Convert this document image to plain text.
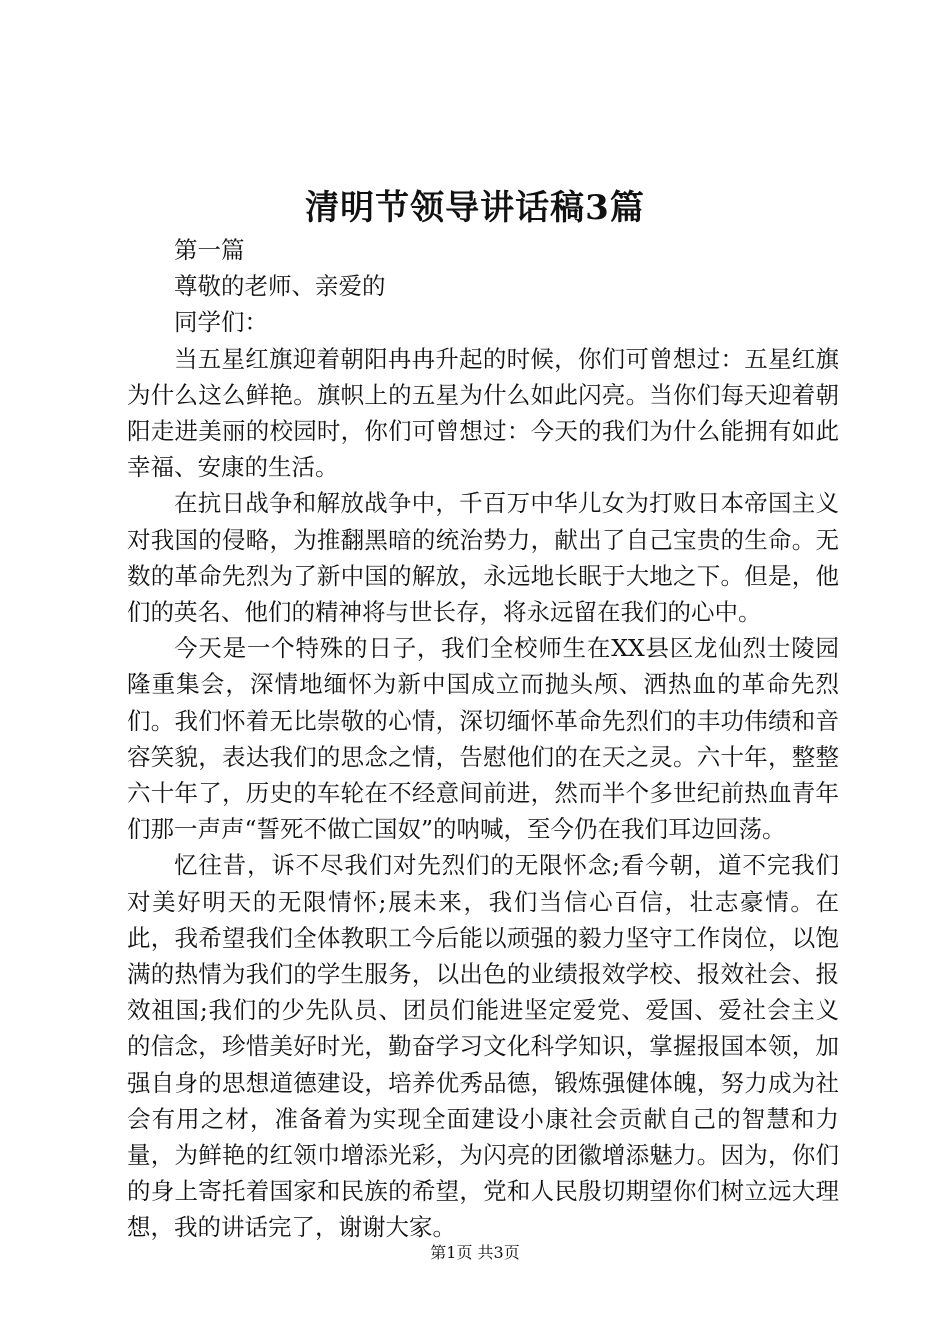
清明节领导讲话稿3篇

第一篇

尊敬的老师、亲爱的

同学们：

当五星红旗迎着朝阳冉冉升起的时候，你们可曾想过：五星红旗为什么这么鲜艳。旗帜上的五星为什么如此闪亮。当你们每天迎着朝阳走进美丽的校园时，你们可曾想过：今天的我们为什么能拥有如此幸福、安康的生活。

在抗日战争和解放战争中，千百万中华儿女为打败日本帝国主义对我国的侵略，为推翻黑暗的统治势力，献出了自己宝贵的生命。无数的革命先烈为了新中国的解放，永远地长眠于大地之下。但是，他们的英名、他们的精神将与世长存，将永远留在我们的心中。

今天是一个特殊的日子，我们全校师生在XX县区龙仙烈士陵园隆重集会，深情地缅怀为新中国成立而抛头颅、洒热血的革命先烈们。我们怀着无比崇敬的心情，深切缅怀革命先烈们的丰功伟绩和音容笑貌，表达我们的思念之情，告慰他们的在天之灵。六十年，整整六十年了，历史的车轮在不经意间前进，然而半个多世纪前热血青年们那一声声“誓死不做亡国奴”的呐喊，至今仍在我们耳边回荡。

忆往昔，诉不尽我们对先烈们的无限怀念;看今朝，道不完我们对美好明天的无限情怀;展未来，我们当信心百信，壮志豪情。在此，我希望我们全体教职工今后能以顽强的毅力坚守工作岗位，以饱满的热情为我们的学生服务，以出色的业绩报效学校、报效社会、报效祖国;我们的少先队员、团员们能进坚定爱党、爱国、爱社会主义的信念，珍惜美好时光，勤奋学习文化科学知识，掌握报国本领，加强自身的思想道德建设，培养优秀品德，锻炼强健体魄，努力成为社会有用之材，准备着为实现全面建设小康社会贡献自己的智慧和力量，为鲜艳的红领巾增添光彩，为闪亮的团徽增添魅力。因为，你们的身上寄托着国家和民族的希望，党和人民殷切期望你们树立远大理想，我的讲话完了，谢谢大家。

第1页 共3页
